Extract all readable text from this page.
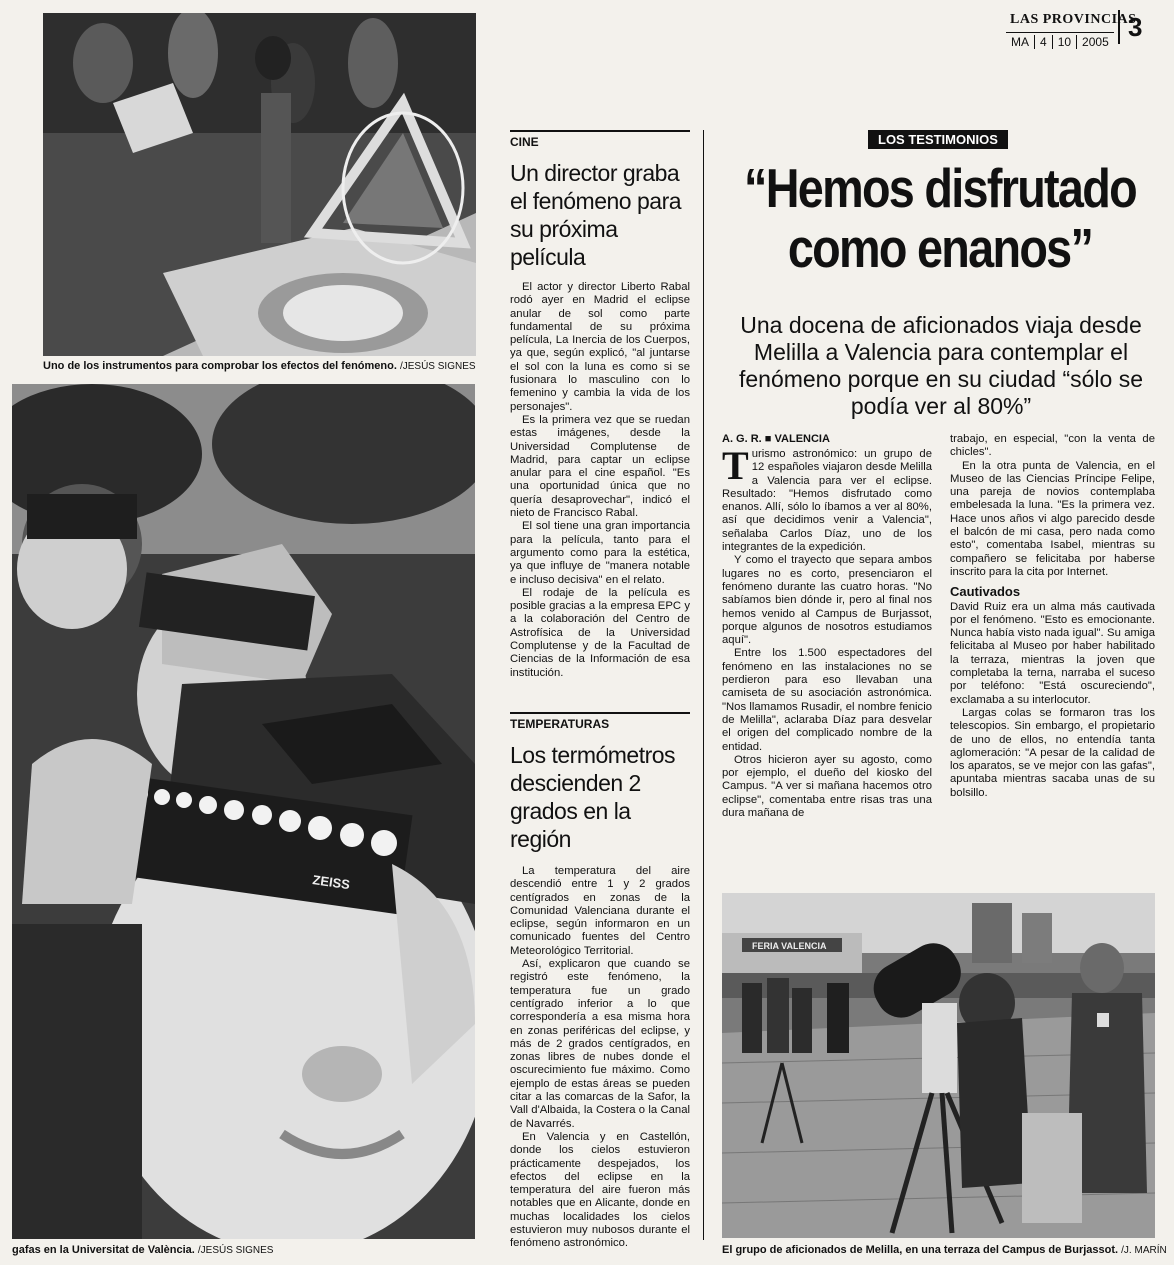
LAS PROVINCIAS
MA 4 10 2005 3
Uno de los instrumentos para comprobar los efectos del fenómeno. /JESÚS SIGNES
ZEISS
gafas en la Universitat de València. /JESÚS SIGNES
CINE
Un director graba el fenómeno para su próxima película

El actor y director Liberto Rabal rodó ayer en Madrid el eclipse anular de sol como parte fundamental de su próxima película, La Inercia de los Cuerpos, ya que, según explicó, "al juntarse el sol con la luna es como si se fusionara lo masculino con lo femenino y cambia la vida de los personajes".

Es la primera vez que se ruedan estas imágenes, desde la Universidad Complutense de Madrid, para captar un eclipse anular para el cine español. "Es una oportunidad única que no quería desaprovechar", indicó el nieto de Francisco Rabal.

El sol tiene una gran importancia para la película, tanto para el argumento como para la estética, ya que influye de "manera notable e incluso decisiva" en el relato.

El rodaje de la película es posible gracias a la empresa EPC y a la colaboración del Centro de Astrofísica de la Universidad Complutense y de la Facultad de Ciencias de la Información de esa institución.

TEMPERATURAS
Los termómetros descienden 2 grados en la región

La temperatura del aire descendió entre 1 y 2 grados centígrados en zonas de la Comunidad Valenciana durante el eclipse, según informaron en un comunicado fuentes del Centro Meteorológico Territorial.

Así, explicaron que cuando se registró este fenómeno, la temperatura fue un grado centígrado inferior a lo que correspondería a esa misma hora en zonas periféricas del eclipse, y más de 2 grados centígrados, en zonas libres de nubes donde el oscurecimiento fue máximo. Como ejemplo de estas áreas se pueden citar a las comarcas de la Safor, la Vall d'Albaida, la Costera o la Canal de Navarrés.

En Valencia y en Castellón, donde los cielos estuvieron prácticamente despejados, los efectos del eclipse en la temperatura del aire fueron más notables que en Alicante, donde en muchas localidades los cielos estuvieron muy nubosos durante el fenómeno astronómico.

LOS TESTIMONIOS
“Hemos disfrutado
como enanos”
Una docena de aficionados viaja desde Melilla a Valencia para contemplar el fenómeno porque en su ciudad “sólo se podía ver al 80%”
A. G. R. ■ VALENCIA

Turismo astronómico: un grupo de 12 españoles viajaron desde Melilla a Valencia para ver el eclipse. Resultado: "Hemos disfrutado como enanos. Allí, sólo lo íbamos a ver al 80%, así que decidimos venir a Valencia", señalaba Carlos Díaz, uno de los integrantes de la expedición.

Y como el trayecto que separa ambos lugares no es corto, presenciaron el fenómeno durante las cuatro horas. "No sabíamos bien dónde ir, pero al final nos hemos venido al Campus de Burjassot, porque algunos de nosotros estudiamos aquí".

Entre los 1.500 espectadores del fenómeno en las instalaciones no se perdieron para eso llevaban una camiseta de su asociación astronómica. "Nos llamamos Rusadir, el nombre fenicio de Melilla", aclaraba Díaz para desvelar el origen del complicado nombre de la entidad.

Otros hicieron ayer su agosto, como por ejemplo, el dueño del kiosko del Campus. "A ver si mañana hacemos otro eclipse", comentaba entre risas tras una dura mañana de

trabajo, en especial, "con la venta de chicles".

En la otra punta de Valencia, en el Museo de las Ciencias Príncipe Felipe, una pareja de novios contemplaba embelesada la luna. "Es la primera vez. Hace unos años vi algo parecido desde el balcón de mi casa, pero nada como esto", comentaba Isabel, mientras su compañero se felicitaba por haberse inscrito para la cita por Internet.

Cautivados

David Ruiz era un alma más cautivada por el fenómeno. "Esto es emocionante. Nunca había visto nada igual". Su amiga felicitaba al Museo por haber habilitado la terraza, mientras la joven que completaba la terna, narraba el suceso por teléfono: "Está oscureciendo", exclamaba a su interlocutor.

Largas colas se formaron tras los telescopios. Sin embargo, el propietario de uno de ellos, no entendía tanta aglomeración: "A pesar de la calidad de los aparatos, se ve mejor con las gafas", apuntaba mientras sacaba unas de su bolsillo.

FERIA VALENCIA
El grupo de aficionados de Melilla, en una terraza del Campus de Burjassot. /J. MARÍN
